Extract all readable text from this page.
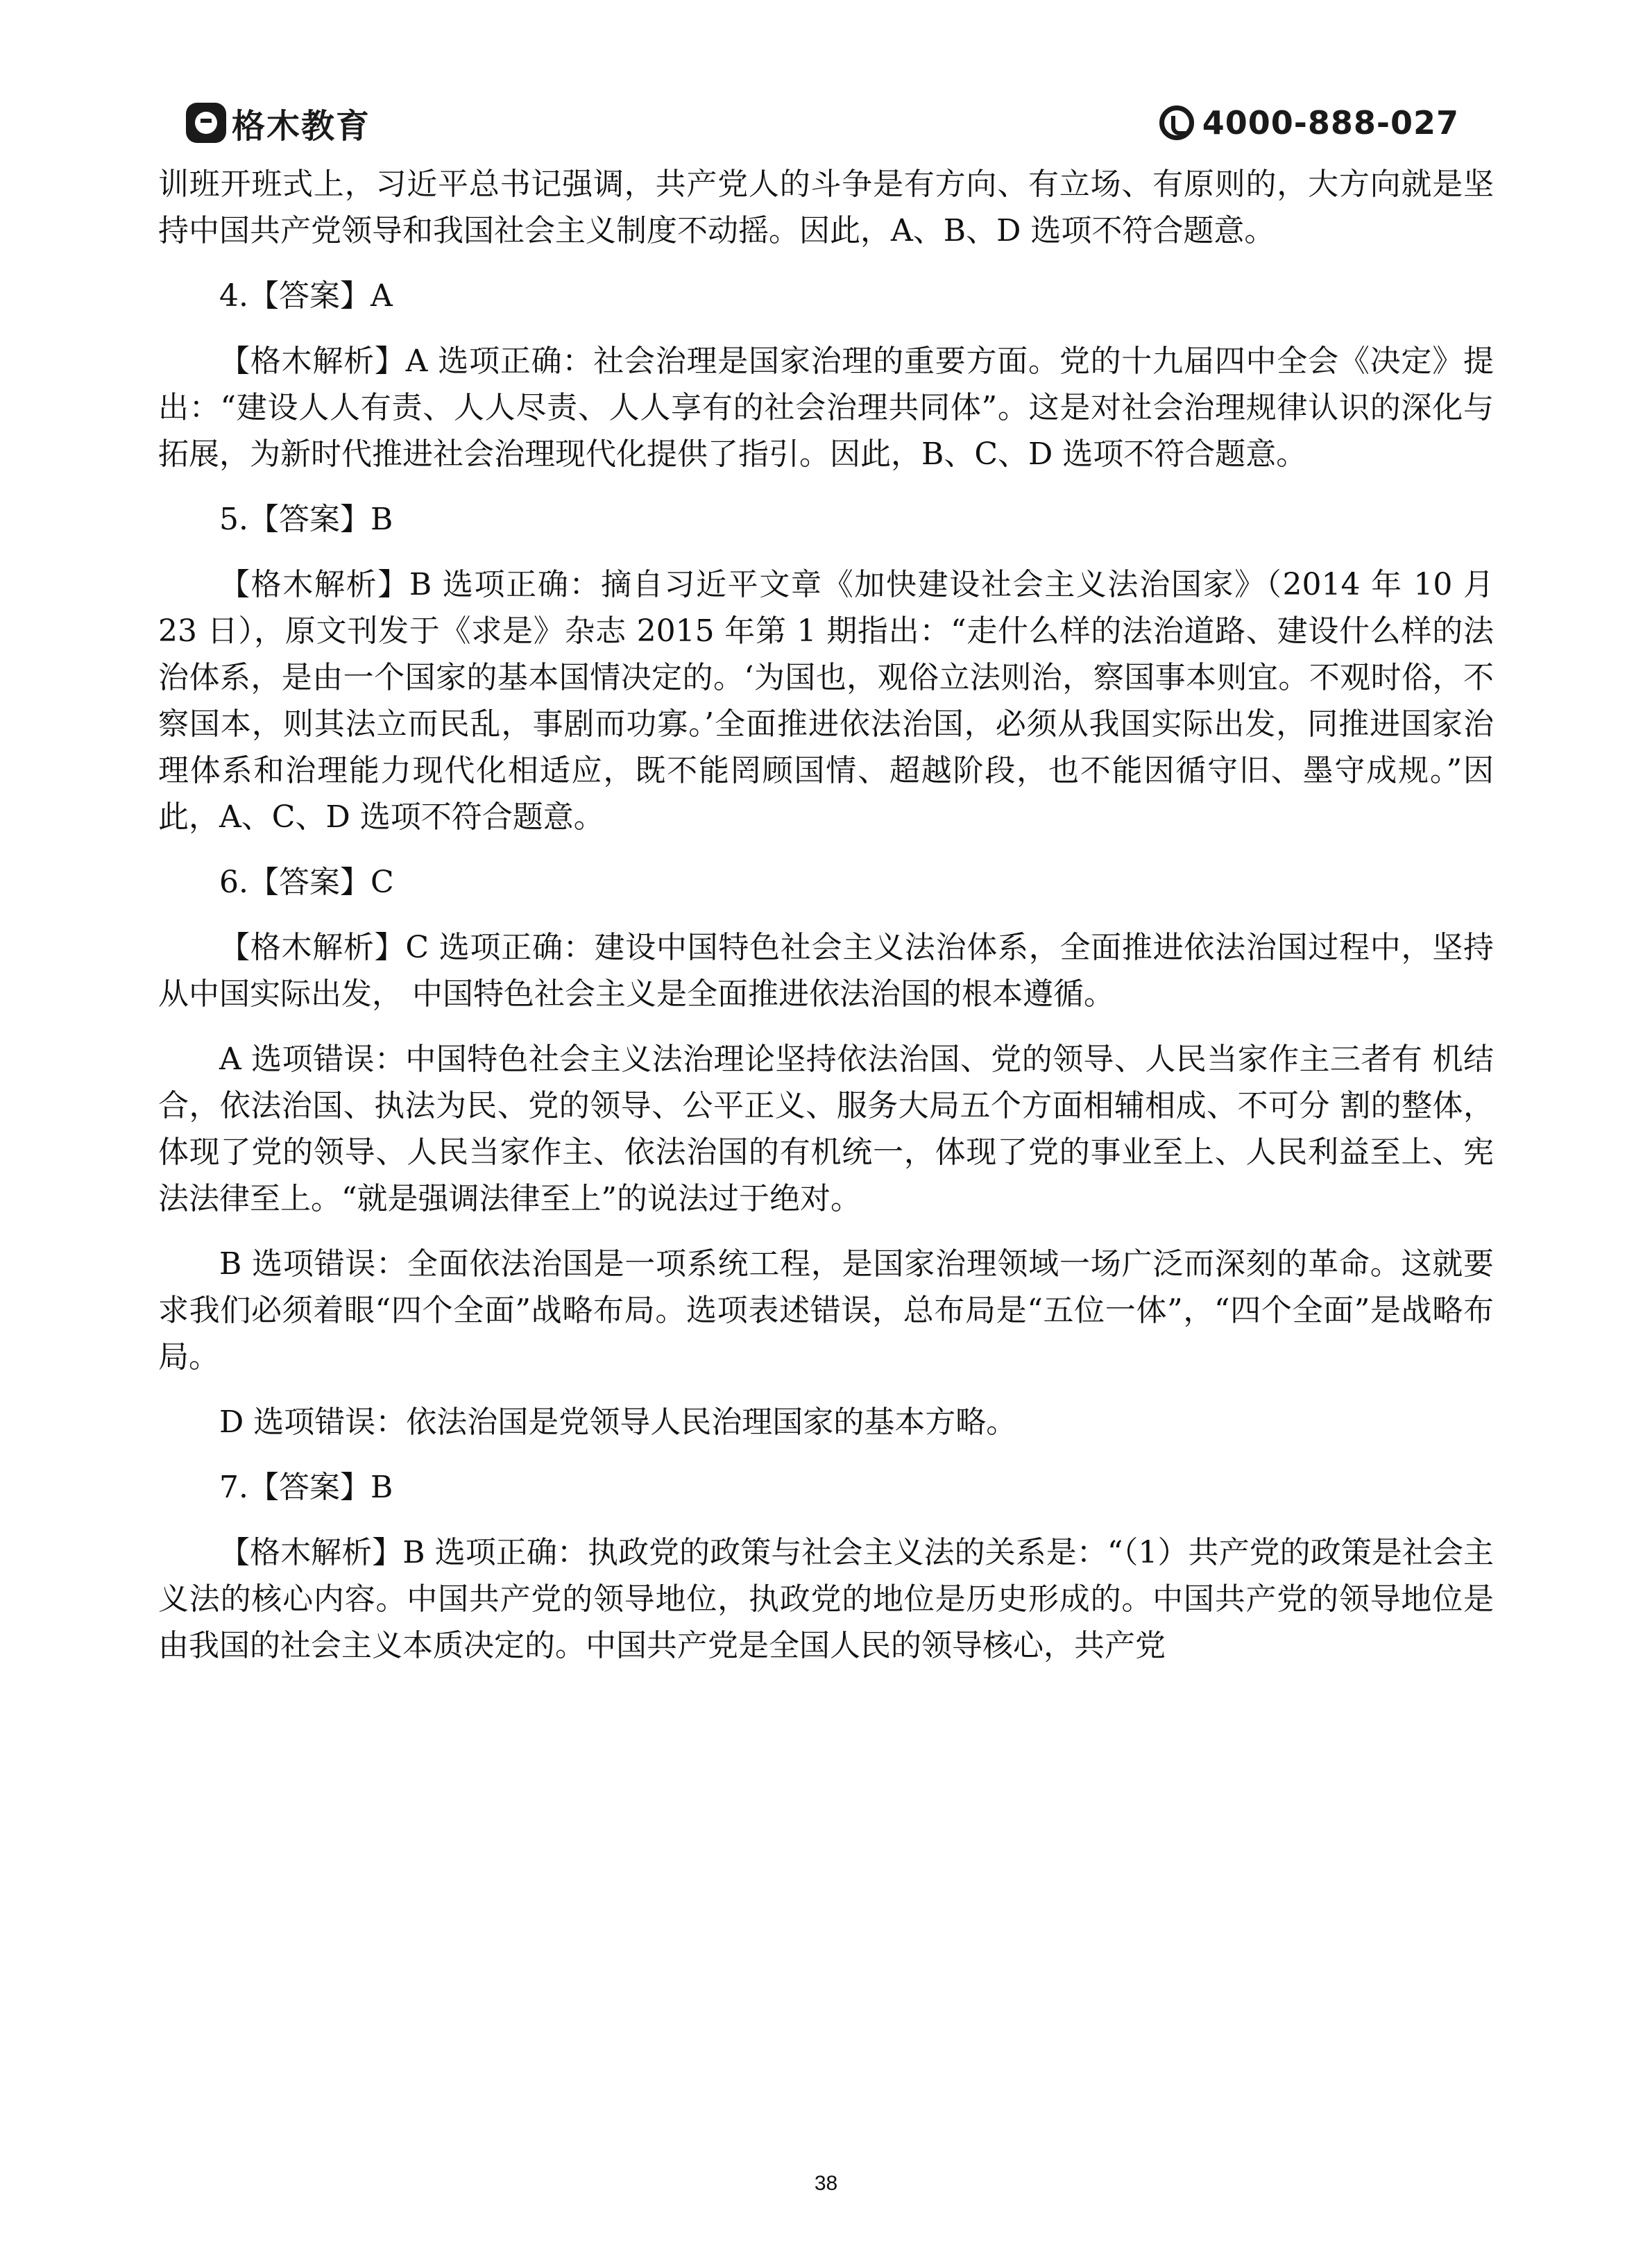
格木教育	4000-888-027

训班开班式上，习近平总书记强调，共产党人的斗争是有方向、有立场、有原则的，大方向就是坚持中国共产党领导和我国社会主义制度不动摇。因此，A、B、D 选项不符合题意。

4.【答案】A

【格木解析】A 选项正确：社会治理是国家治理的重要方面。党的十九届四中全会《决定》提出：“建设人人有责、人人尽责、人人享有的社会治理共同体”。这是对社会治理规律认识的深化与拓展，为新时代推进社会治理现代化提供了指引。因此，B、C、D 选项不符合题意。

5.【答案】B

【格木解析】B 选项正确：摘自习近平文章《加快建设社会主义法治国家》（2014 年 10 月 23 日），原文刊发于《求是》杂志 2015 年第 1 期指出：“走什么样的法治道路、建设什么样的法治体系，是由一个国家的基本国情决定的。‘为国也，观俗立法则治，察国事本则宜。不观时俗，不察国本，则其法立而民乱，事剧而功寡。’全面推进依法治国，必须从我国实际出发，同推进国家治理体系和治理能力现代化相适应，既不能罔顾国情、超越阶段，也不能因循守旧、墨守成规。”因此，A、C、D 选项不符合题意。

6.【答案】C

【格木解析】C 选项正确：建设中国特色社会主义法治体系，全面推进依法治国过程中，坚持从中国实际出发， 中国特色社会主义是全面推进依法治国的根本遵循。

A 选项错误：中国特色社会主义法治理论坚持依法治国、党的领导、人民当家作主三者有 机结合，依法治国、执法为民、党的领导、公平正义、服务大局五个方面相辅相成、不可分 割的整体，体现了党的领导、人民当家作主、依法治国的有机统一，体现了党的事业至上、人民利益至上、宪法法律至上。“就是强调法律至上”的说法过于绝对。

B 选项错误：全面依法治国是一项系统工程，是国家治理领域一场广泛而深刻的革命。这就要求我们必须着眼“四个全面”战略布局。选项表述错误，总布局是“五位一体”，“四个全面”是战略布局。

D 选项错误：依法治国是党领导人民治理国家的基本方略。

7.【答案】B

【格木解析】B 选项正确：执政党的政策与社会主义法的关系是：“（1）共产党的政策是社会主义法的核心内容。中国共产党的领导地位，执政党的地位是历史形成的。中国共产党的领导地位是由我国的社会主义本质决定的。中国共产党是全国人民的领导核心，共产党

38
